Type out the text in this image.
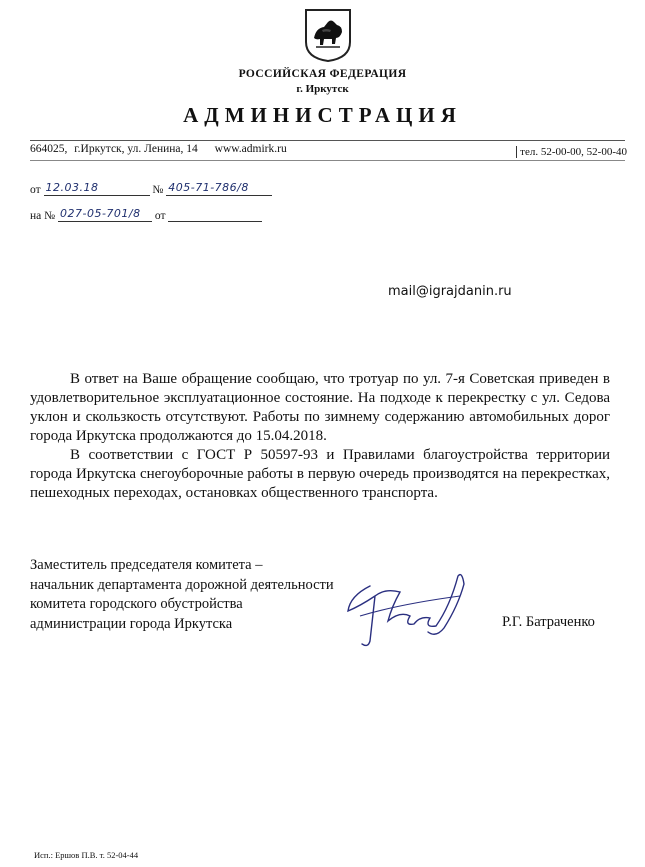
РОССИЙСКАЯ ФЕДЕРАЦИЯ
г. Иркутск
АДМИНИСТРАЦИЯ
664025, г.Иркутск, ул. Ленина, 14 www.admirk.ru	тел. 52-00-00, 52-00-40
от 12.03.18	№ 405-71-786/8
на № 027-05-701/8 от
mail@igrajdanin.ru

В ответ на Ваше обращение сообщаю, что тротуар по ул. 7-я Советская приведен в удовлетворительное эксплуатационное состояние. На подходе к перекрестку с ул. Седова уклон и скользкость отсутствуют. Работы по зимнему содержанию автомобильных дорог города Иркутска продолжаются до 15.04.2018.

В соответствии с ГОСТ Р 50597-93 и Правилами благоустройства территории города Иркутска снегоуборочные работы в первую очередь производятся на перекрестках, пешеходных переходах, остановках общественного транспорта.

Заместитель председателя комитета –
начальник департамента дорожной деятельности
комитета городского обустройства
администрации города Иркутска	Р.Г. Батраченко
Исп.: Ершов П.В. т. 52-04-44
